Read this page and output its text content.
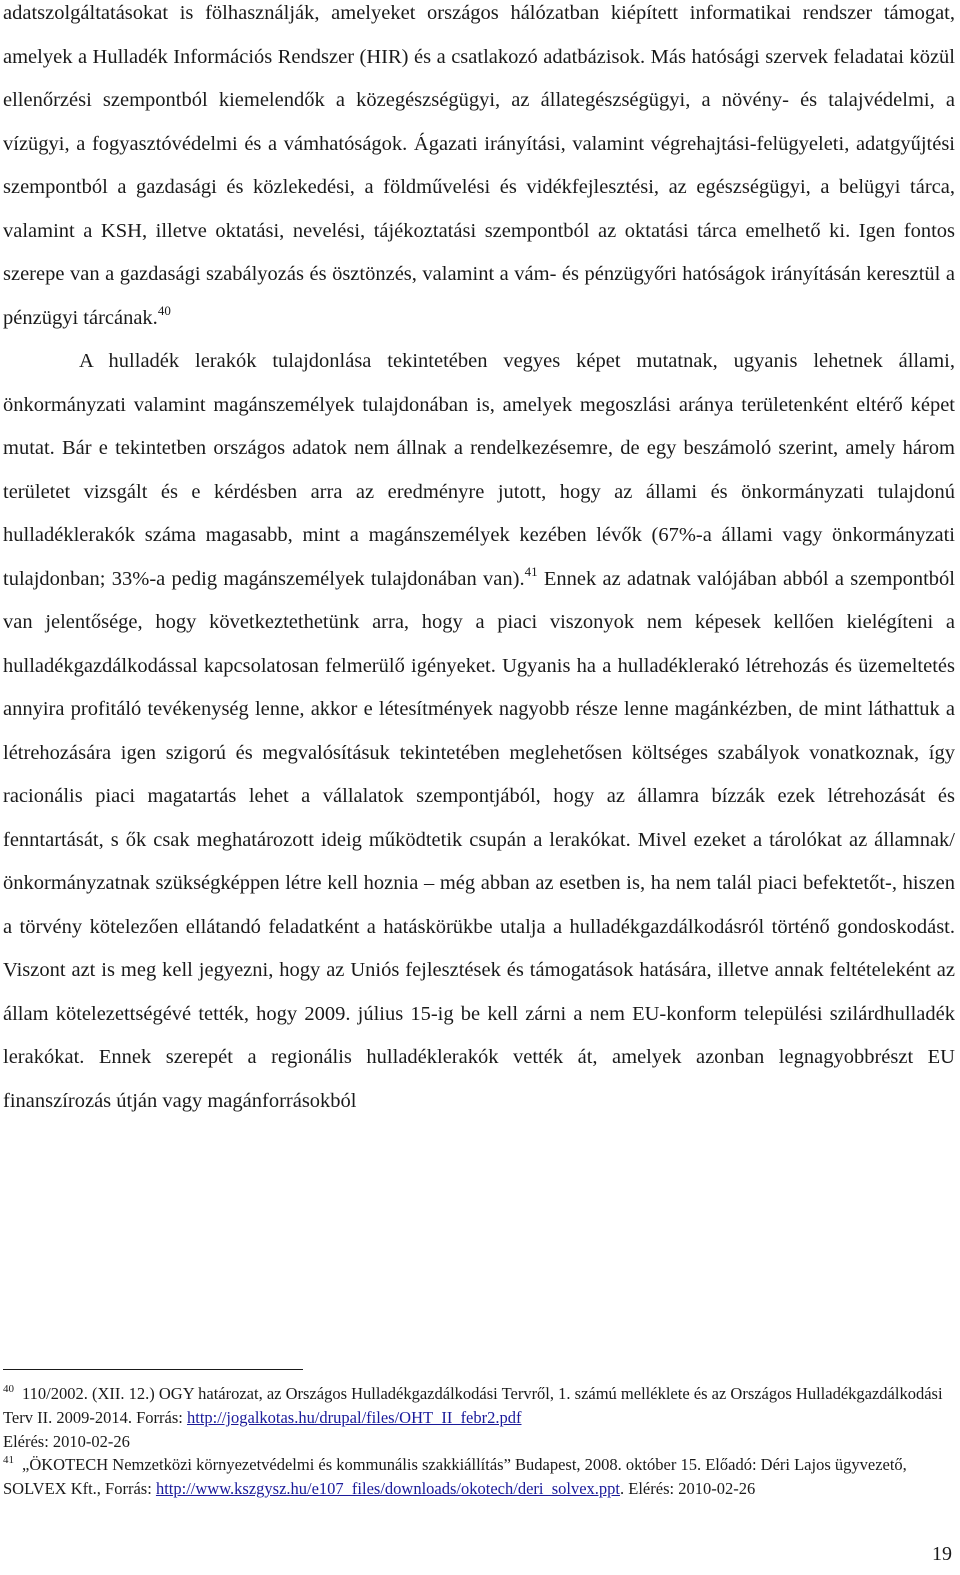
adatszolgáltatásokat is fölhasználják, amelyeket országos hálózatban kiépített informatikai rendszer támogat, amelyek a Hulladék Információs Rendszer (HIR) és a csatlakozó adatbázisok. Más hatósági szervek feladatai közül ellenőrzési szempontból kiemelendők a közegészségügyi, az állategészségügyi, a növény- és talajvédelmi, a vízügyi, a fogyasztóvédelmi és a vámhatóságok. Ágazati irányítási, valamint végrehajtási-felügyeleti, adatgyűjtési szempontból a gazdasági és közlekedési, a földművelési és vidékfejlesztési, az egészségügyi, a belügyi tárca, valamint a KSH, illetve oktatási, nevelési, tájékoztatási szempontból az oktatási tárca emelhető ki. Igen fontos szerepe van a gazdasági szabályozás és ösztönzés, valamint a vám- és pénzügyőri hatóságok irányításán keresztül a pénzügyi tárcának.$^{40}$

A hulladék lerakók tulajdonlása tekintetében vegyes képet mutatnak, ugyanis lehetnek állami, önkormányzati valamint magánszemélyek tulajdonában is, amelyek megoszlási aránya területenként eltérő képet mutat. Bár e tekintetben országos adatok nem állnak a rendelkezésemre, de egy beszámoló szerint, amely három területet vizsgált és e kérdésben arra az eredményre jutott, hogy az állami és önkormányzati tulajdonú hulladéklerakók száma magasabb, mint a magánszemélyek kezében lévők (67%-a állami vagy önkormányzati tulajdonban; 33%-a pedig magánszemélyek tulajdonában van).$^{41}$ Ennek az adatnak valójában abból a szempontból van jelentősége, hogy következtethetünk arra, hogy a piaci viszonyok nem képesek kellően kielégíteni a hulladékgazdálkodással kapcsolatosan felmerülő igényeket. Ugyanis ha a hulladéklerakó létrehozás és üzemeltetés annyira profitáló tevékenység lenne, akkor e létesítmények nagyobb része lenne magánkézben, de mint láthattuk a létrehozására igen szigorú és megvalósításuk tekintetében meglehetősen költséges szabályok vonatkoznak, így racionális piaci magatartás lehet a vállalatok szempontjából, hogy az államra bízzák ezek létrehozását és fenntartását, s ők csak meghatározott ideig működtetik csupán a lerakókat. Mivel ezeket a tárolókat az államnak/önkormányzatnak szükségképpen létre kell hoznia – még abban az esetben is, ha nem talál piaci befektetőt-, hiszen a törvény kötelezően ellátandó feladatként a hatáskörükbe utalja a hulladékgazdálkodásról történő gondoskodást. Viszont azt is meg kell jegyezni, hogy az Uniós fejlesztések és támogatások hatására, illetve annak feltételeként az állam kötelezettségévé tették, hogy 2009. július 15-ig be kell zárni a nem EU-konform települési szilárdhulladék lerakókat. Ennek szerepét a regionális hulladéklerakók vették át, amelyek azonban legnagyobbrészt EU finanszírozás útján vagy magánforrásokból

$^{40}$ 110/2002. (XII. 12.) OGY határozat, az Országos Hulladékgazdálkodási Tervről, 1. számú melléklete és az Országos Hulladékgazdálkodási Terv II. 2009-2014. Forrás: http://jogalkotas.hu/drupal/files/OHT_II_febr2.pdf
Elérés: 2010-02-26

$^{41}$ „ÖKOTECH Nemzetközi környezetvédelmi és kommunális szakkiállítás” Budapest, 2008. október 15. Előadó: Déri Lajos ügyvezető, SOLVEX Kft., Forrás: http://www.kszgysz.hu/e107_files/downloads/okotech/deri_solvex.ppt. Elérés: 2010-02-26

19
